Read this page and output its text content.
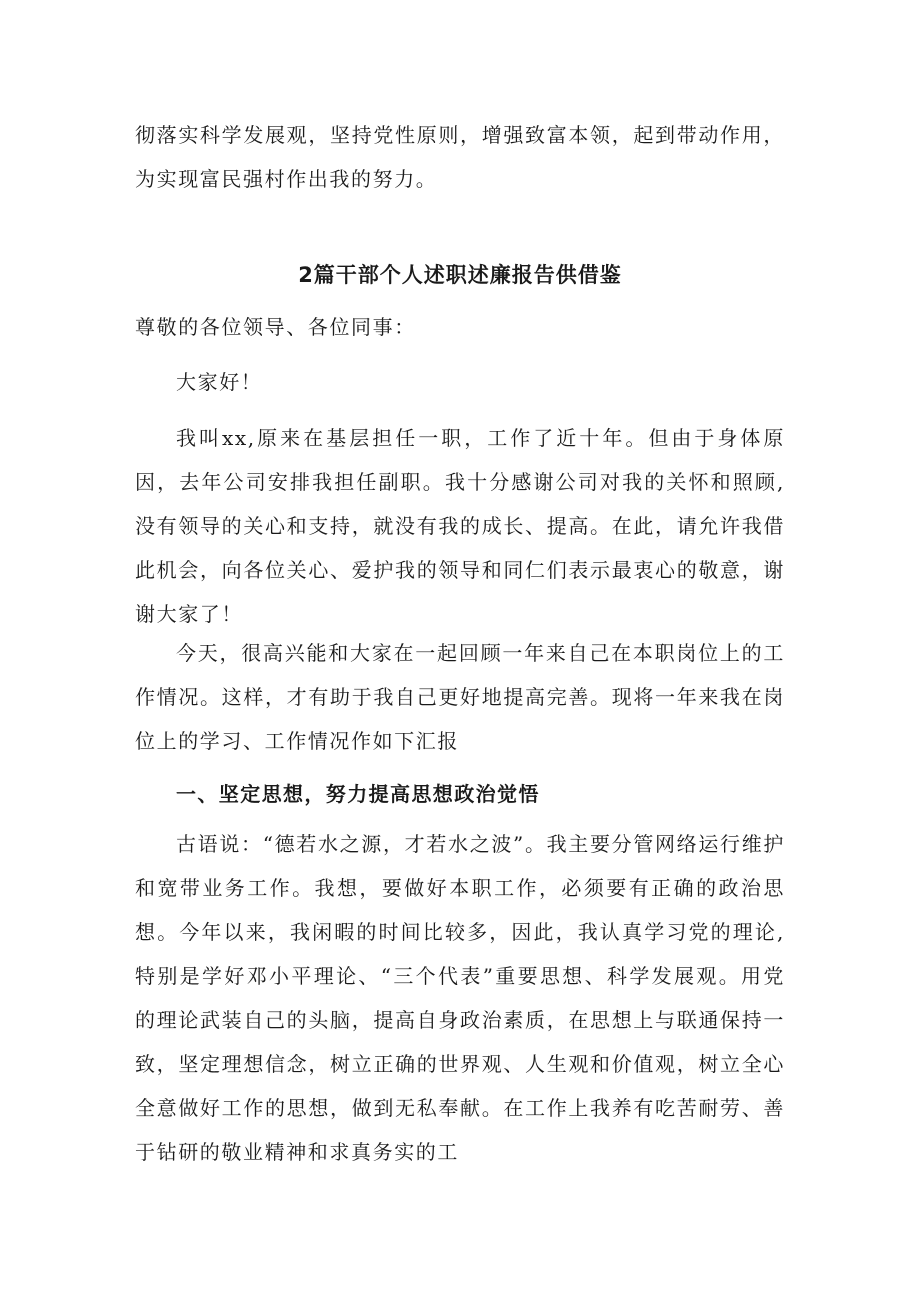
彻落实科学发展观，坚持党性原则，增强致富本领，起到带动作用，为实现富民强村作出我的努力。

2篇干部个人述职述廉报告供借鉴

尊敬的各位领导、各位同事：

大家好！

我叫xx,原来在基层担任一职，工作了近十年。但由于身体原因，去年公司安排我担任副职。我十分感谢公司对我的关怀和照顾,没有领导的关心和支持，就没有我的成长、提高。在此，请允许我借此机会，向各位关心、爱护我的领导和同仁们表示最衷心的敬意，谢谢大家了！

今天，很高兴能和大家在一起回顾一年来自己在本职岗位上的工作情况。这样，才有助于我自己更好地提高完善。现将一年来我在岗位上的学习、工作情况作如下汇报

一、坚定思想，努力提高思想政治觉悟

古语说：“德若水之源，才若水之波”。我主要分管网络运行维护和宽带业务工作。我想，要做好本职工作，必须要有正确的政治思想。今年以来，我闲暇的时间比较多，因此，我认真学习党的理论,特别是学好邓小平理论、“三个代表”重要思想、科学发展观。用党的理论武装自己的头脑，提高自身政治素质，在思想上与联通保持一致，坚定理想信念，树立正确的世界观、人生观和价值观，树立全心全意做好工作的思想，做到无私奉献。在工作上我养有吃苦耐劳、善于钻研的敬业精神和求真务实的工
